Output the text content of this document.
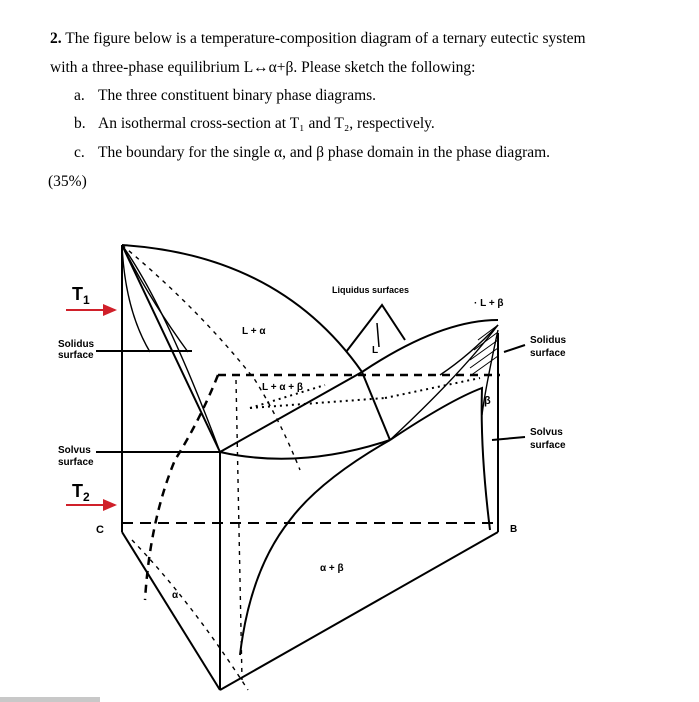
2. The figure below is a temperature-composition diagram of a ternary eutectic system
with a three-phase equilibrium L↔α+β. Please sketch the following:
a. The three constituent binary phase diagrams.
b. An isothermal cross-section at T₁ and T₂, respectively.
c. The boundary for the single α, and β phase domain in the phase diagram.
(35%)
$T_1$
$T_2$
Solidus
surface
Solvus
surface
Liquidus surfaces
· L + β
L + α
L
L + α + β
Solidus
surface
Solvus
surface
β
C	B
α + β
α
